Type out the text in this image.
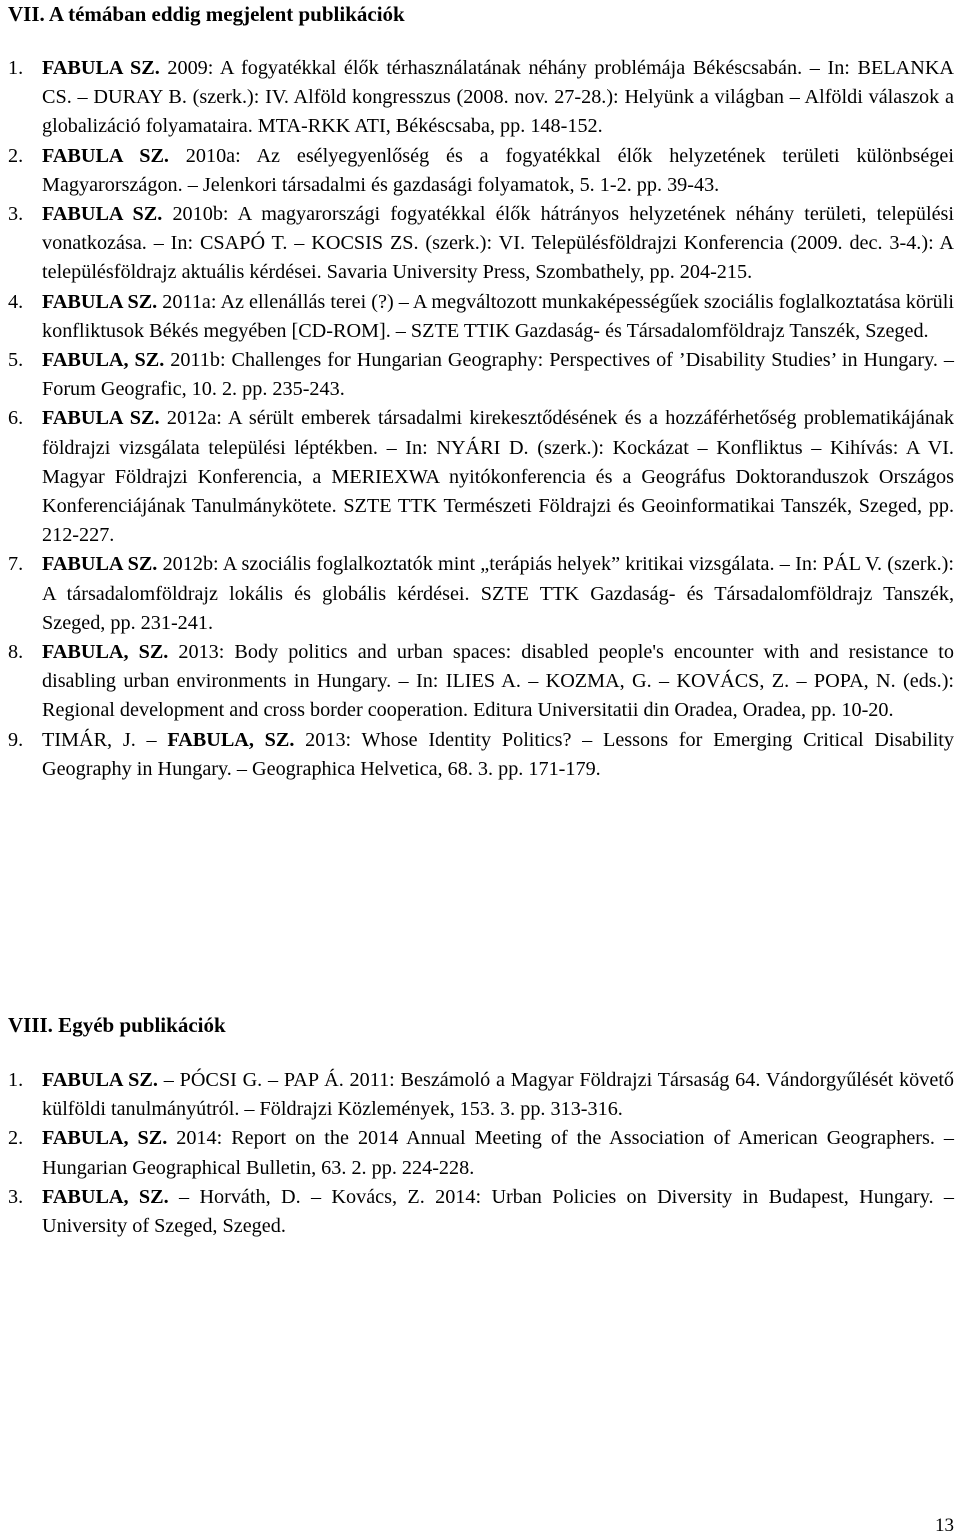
VII. A témában eddig megjelent publikációk
1. FABULA SZ. 2009: A fogyatékkal élők térhasználatának néhány problémája Békéscsabán. – In: BELANKA CS. – DURAY B. (szerk.): IV. Alföld kongresszus (2008. nov. 27-28.): Helyünk a világban – Alföldi válaszok a globalizáció folyamataira. MTA-RKK ATI, Békéscsaba, pp. 148-152.
2. FABULA SZ. 2010a: Az esélyegyenlőség és a fogyatékkal élők helyzetének területi különbségei Magyarországon. – Jelenkori társadalmi és gazdasági folyamatok, 5. 1-2. pp. 39-43.
3. FABULA SZ. 2010b: A magyarországi fogyatékkal élők hátrányos helyzetének néhány területi, települési vonatkozása. – In: CSAPÓ T. – KOCSIS ZS. (szerk.): VI. Településföldrajzi Konferencia (2009. dec. 3-4.): A településföldrajz aktuális kérdései. Savaria University Press, Szombathely, pp. 204-215.
4. FABULA SZ. 2011a: Az ellenállás terei (?) – A megváltozott munkaképességűek szociális foglalkoztatása körüli konfliktusok Békés megyében [CD-ROM]. – SZTE TTIK Gazdaság- és Társadalomföldrajz Tanszék, Szeged.
5. FABULA, SZ. 2011b: Challenges for Hungarian Geography: Perspectives of ’Disability Studies’ in Hungary. – Forum Geografic, 10. 2. pp. 235-243.
6. FABULA SZ. 2012a: A sérült emberek társadalmi kirekesztődésének és a hozzáférhetőség problematikájának földrajzi vizsgálata települési léptékben. – In: NYÁRI D. (szerk.): Kockázat – Konfliktus – Kihívás: A VI. Magyar Földrajzi Konferencia, a MERIEXWA nyitókonferencia és a Geográfus Doktoranduszok Országos Konferenciájának Tanulmánykötete. SZTE TTK Természeti Földrajzi és Geoinformatikai Tanszék, Szeged, pp. 212-227.
7. FABULA SZ. 2012b: A szociális foglalkoztatók mint „terápiás helyek” kritikai vizsgálata. – In: PÁL V. (szerk.): A társadalomföldrajz lokális és globális kérdései. SZTE TTK Gazdaság- és Társadalomföldrajz Tanszék, Szeged, pp. 231-241.
8. FABULA, SZ. 2013: Body politics and urban spaces: disabled people's encounter with and resistance to disabling urban environments in Hungary. – In: ILIES A. – KOZMA, G. – KOVÁCS, Z. – POPA, N. (eds.): Regional development and cross border cooperation. Editura Universitatii din Oradea, Oradea, pp. 10-20.
9. TIMÁR, J. – FABULA, SZ. 2013: Whose Identity Politics? – Lessons for Emerging Critical Disability Geography in Hungary. – Geographica Helvetica, 68. 3. pp. 171-179.
VIII. Egyéb publikációk
1. FABULA SZ. – PÓCSI G. – PAP Á. 2011: Beszámoló a Magyar Földrajzi Társaság 64. Vándorgyűlését követő külföldi tanulmányútról. – Földrajzi Közlemények, 153. 3. pp. 313-316.
2. FABULA, SZ. 2014: Report on the 2014 Annual Meeting of the Association of American Geographers. – Hungarian Geographical Bulletin, 63. 2. pp. 224-228.
3. FABULA, SZ. – Horváth, D. – Kovács, Z. 2014: Urban Policies on Diversity in Budapest, Hungary. – University of Szeged, Szeged.
13
